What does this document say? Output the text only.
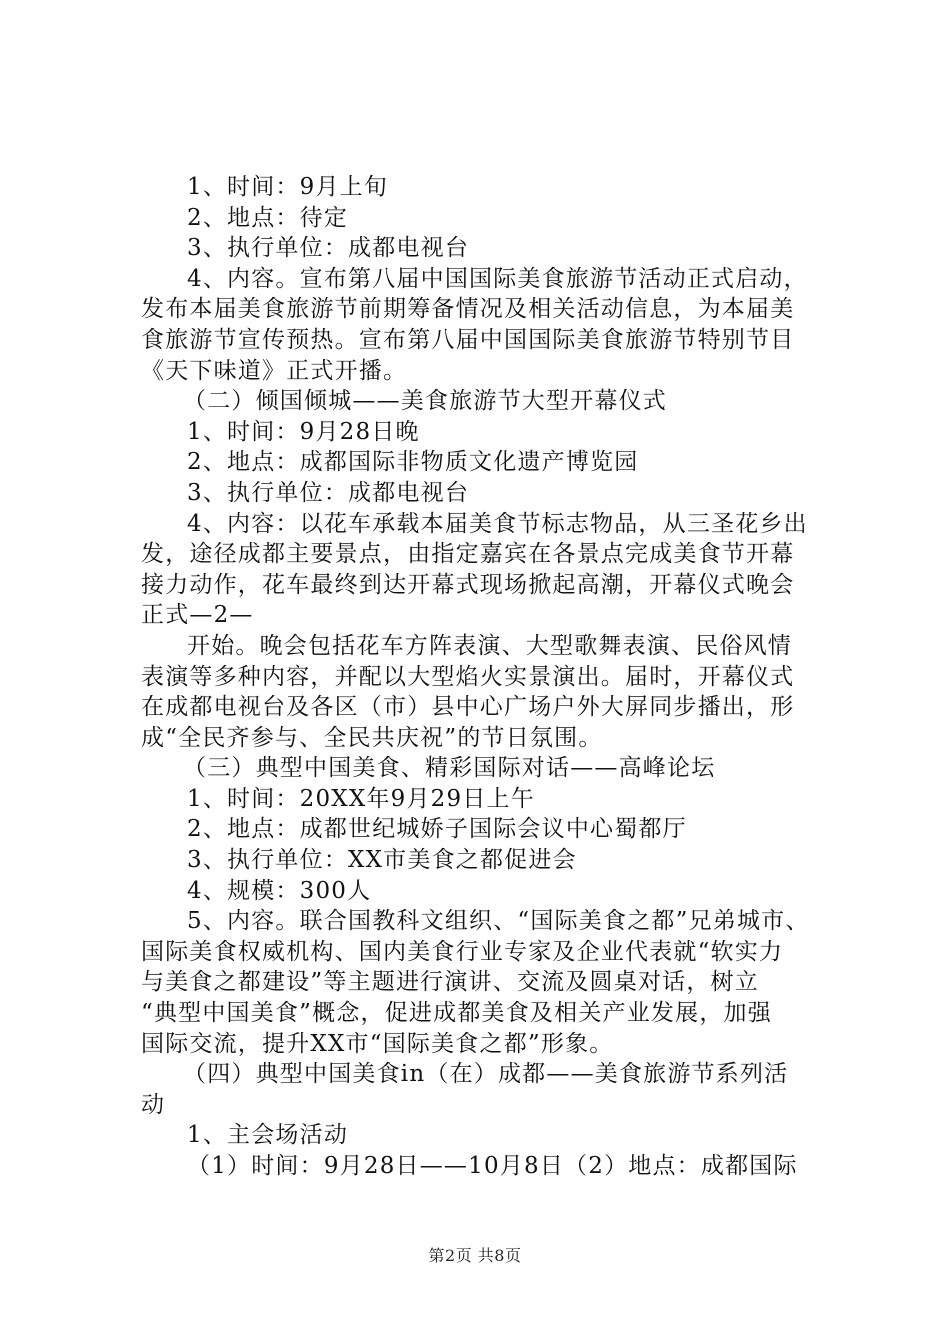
1、时间：9月上旬
2、地点：待定
3、执行单位：成都电视台
4、内容。宣布第八届中国国际美食旅游节活动正式启动，
发布本届美食旅游节前期筹备情况及相关活动信息，为本届美
食旅游节宣传预热。宣布第八届中国国际美食旅游节特别节目
《天下味道》正式开播。
（二）倾国倾城——美食旅游节大型开幕仪式
1、时间：9月28日晚
2、地点：成都国际非物质文化遗产博览园
3、执行单位：成都电视台
4、内容：以花车承载本届美食节标志物品，从三圣花乡出
发，途径成都主要景点，由指定嘉宾在各景点完成美食节开幕
接力动作，花车最终到达开幕式现场掀起高潮，开幕仪式晚会
正式—2—
开始。晚会包括花车方阵表演、大型歌舞表演、民俗风情
表演等多种内容，并配以大型焰火实景演出。届时，开幕仪式
在成都电视台及各区（市）县中心广场户外大屏同步播出，形
成“全民齐参与、全民共庆祝”的节日氛围。
（三）典型中国美食、精彩国际对话——高峰论坛
1、时间：20XX年9月29日上午
2、地点：成都世纪城娇子国际会议中心蜀都厅
3、执行单位：XX市美食之都促进会
4、规模：300人
5、内容。联合国教科文组织、“国际美食之都”兄弟城市、
国际美食权威机构、国内美食行业专家及企业代表就“软实力
与美食之都建设”等主题进行演讲、交流及圆桌对话，树立
“典型中国美食”概念，促进成都美食及相关产业发展，加强
国际交流，提升XX市“国际美食之都”形象。
（四）典型中国美食in（在）成都——美食旅游节系列活
动
1、主会场活动
（1）时间：9月28日——10月8日（2）地点：成都国际
第2页 共8页
